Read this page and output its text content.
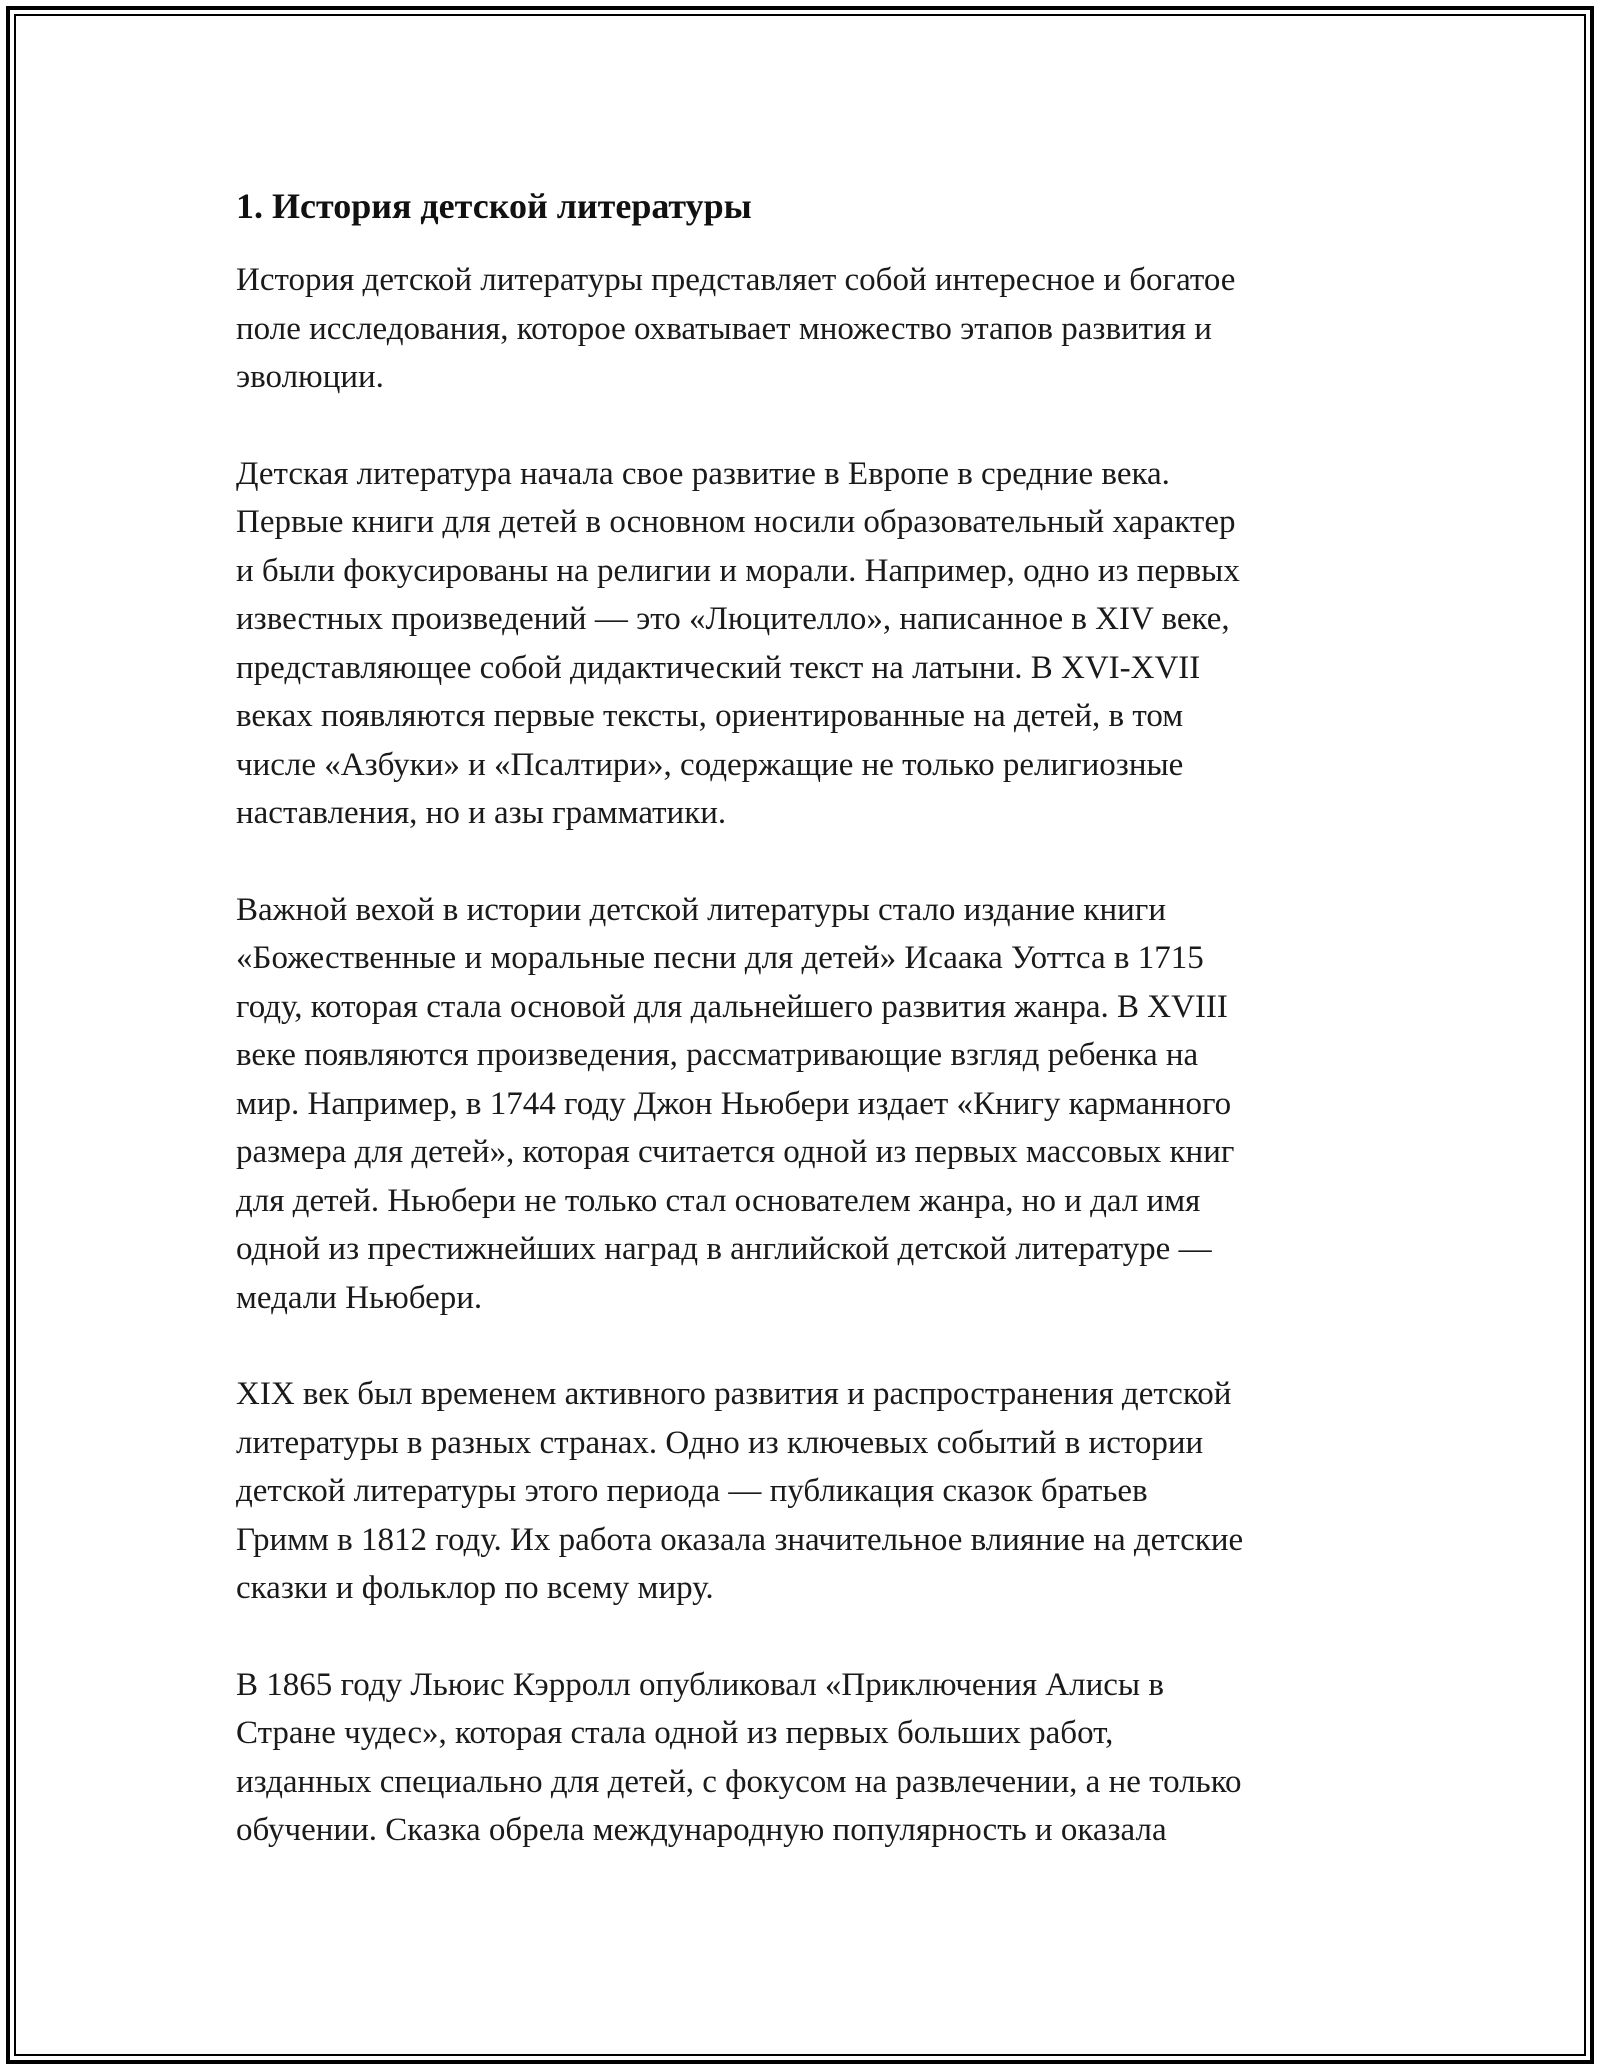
1. История детской литературы

История детской литературы представляет собой интересное и богатое
поле исследования, которое охватывает множество этапов развития и
эволюции.

Детская литература начала свое развитие в Европе в средние века.
Первые книги для детей в основном носили образовательный характер
и были фокусированы на религии и морали. Например, одно из первых
известных произведений — это «Люцителло», написанное в XIV веке,
представляющее собой дидактический текст на латыни. В XVI-XVII
веках появляются первые тексты, ориентированные на детей, в том
числе «Азбуки» и «Псалтири», содержащие не только религиозные
наставления, но и азы грамматики.

Важной вехой в истории детской литературы стало издание книги
«Божественные и моральные песни для детей» Исаака Уоттса в 1715
году, которая стала основой для дальнейшего развития жанра. В XVIII
веке появляются произведения, рассматривающие взгляд ребенка на
мир. Например, в 1744 году Джон Ньюбери издает «Книгу карманного
размера для детей», которая считается одной из первых массовых книг
для детей. Ньюбери не только стал основателем жанра, но и дал имя
одной из престижнейших наград в английской детской литературе —
медали Ньюбери.

XIX век был временем активного развития и распространения детской
литературы в разных странах. Одно из ключевых событий в истории
детской литературы этого периода — публикация сказок братьев
Гримм в 1812 году. Их работа оказала значительное влияние на детские
сказки и фольклор по всему миру.

В 1865 году Льюис Кэрролл опубликовал «Приключения Алисы в
Стране чудес», которая стала одной из первых больших работ,
изданных специально для детей, с фокусом на развлечении, а не только
обучении. Сказка обрела международную популярность и оказала
